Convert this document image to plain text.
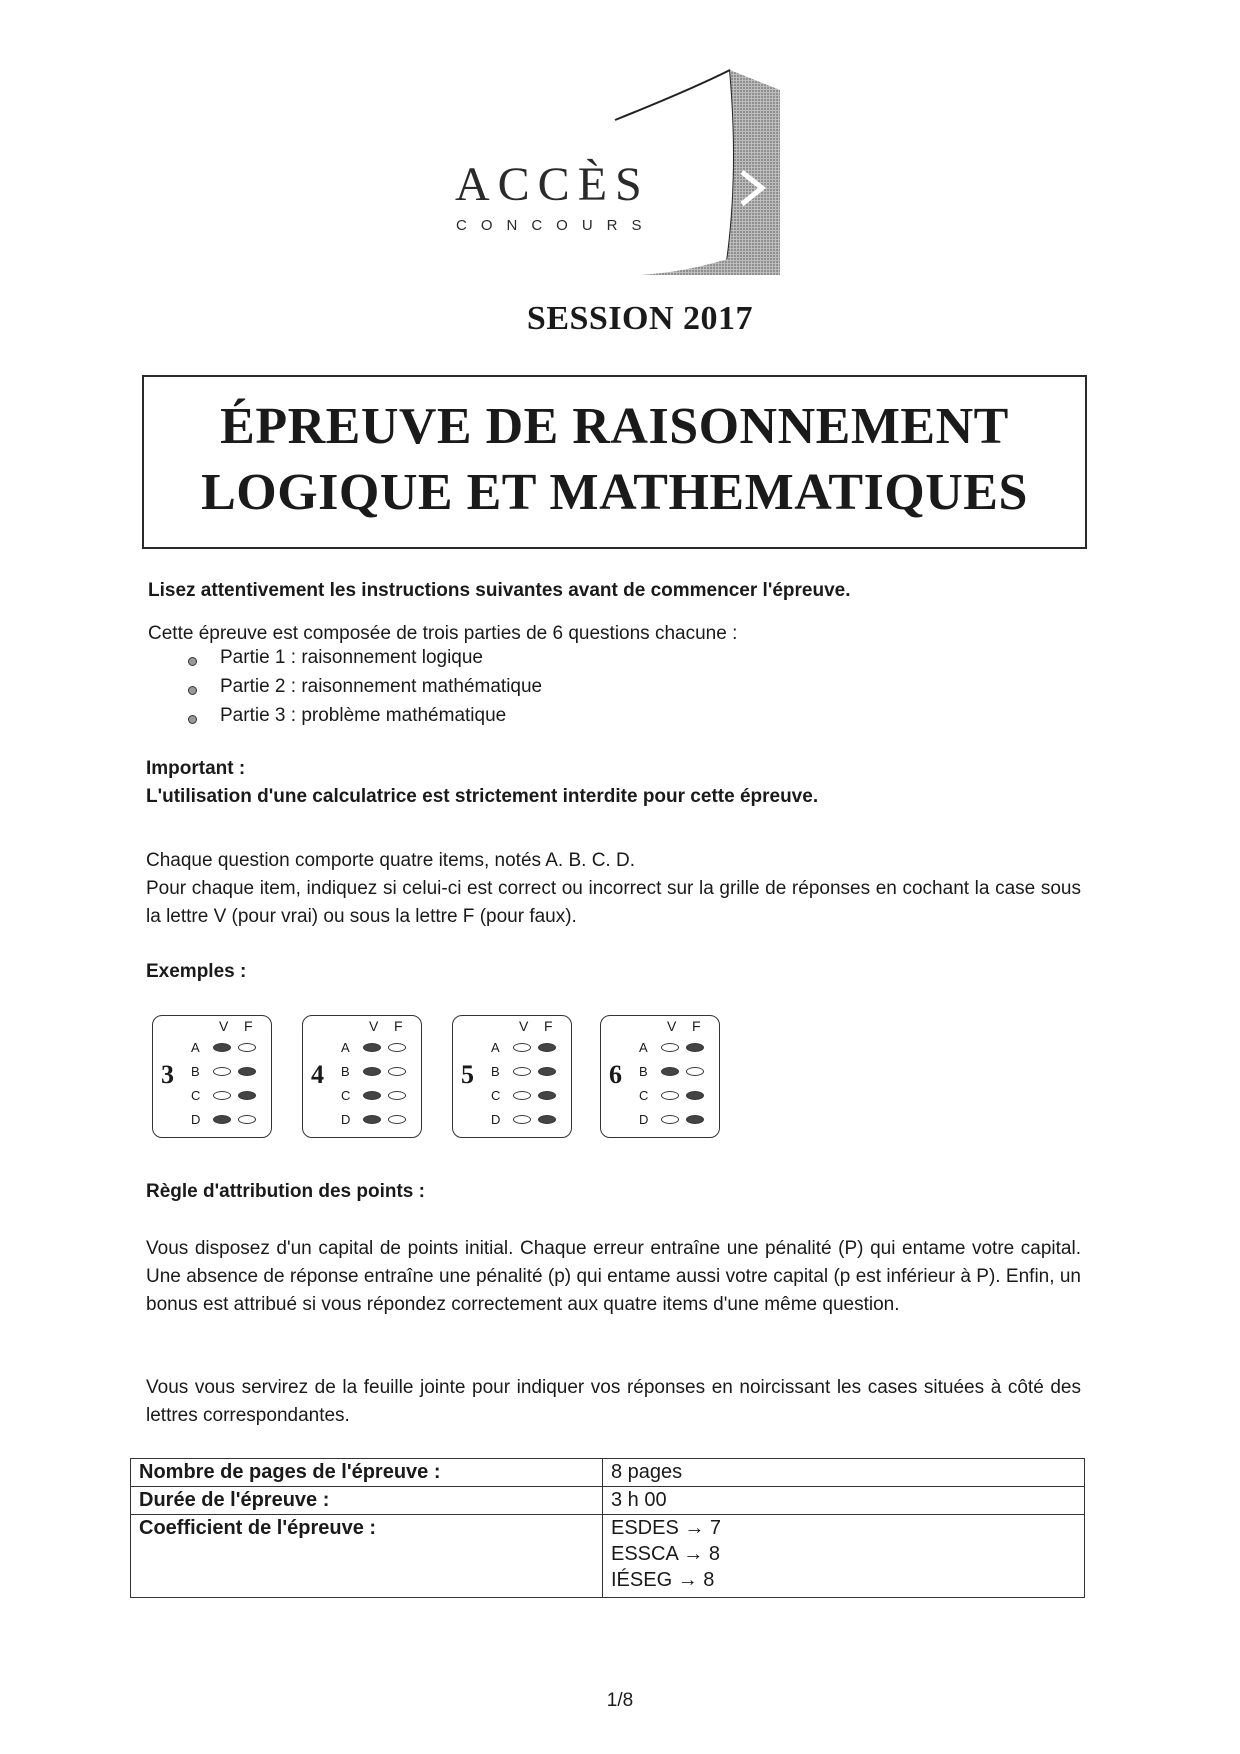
ACCÈS
CONCOURS
SESSION 2017
ÉPREUVE DE RAISONNEMENT
LOGIQUE ET MATHEMATIQUES
Lisez attentivement les instructions suivantes avant de commencer l'épreuve.
Cette épreuve est composée de trois parties de 6 questions chacune :
Partie 1 : raisonnement logique
Partie 2 : raisonnement mathématique
Partie 3 : problème mathématique
Important :
L'utilisation d'une calculatrice est strictement interdite pour cette épreuve.
Chaque question comporte quatre items, notés A. B. C. D.
Pour chaque item, indiquez si celui-ci est correct ou incorrect sur la grille de réponses en cochant la case sous la lettre V (pour vrai) ou sous la lettre F (pour faux).
Exemples :
3
V F
A
B
C
D
4
V F
A
B
C
D
5
V F
A
B
C
D
6
V F
A
B
C
D
Règle d'attribution des points :
Vous disposez d'un capital de points initial. Chaque erreur entraîne une pénalité (P) qui entame votre capital. Une absence de réponse entraîne une pénalité (p) qui entame aussi votre capital (p est inférieur à P). Enfin, un bonus est attribué si vous répondez correctement aux quatre items d'une même question.
Vous vous servirez de la feuille jointe pour indiquer vos réponses en noircissant les cases situées à côté des lettres correspondantes.
Nombre de pages de l'épreuve :	8 pages
Durée de l'épreuve :	3 h 00
Coefficient de l'épreuve :	ESDES → 7
ESSCA → 8
IÉSEG → 8
1/8
